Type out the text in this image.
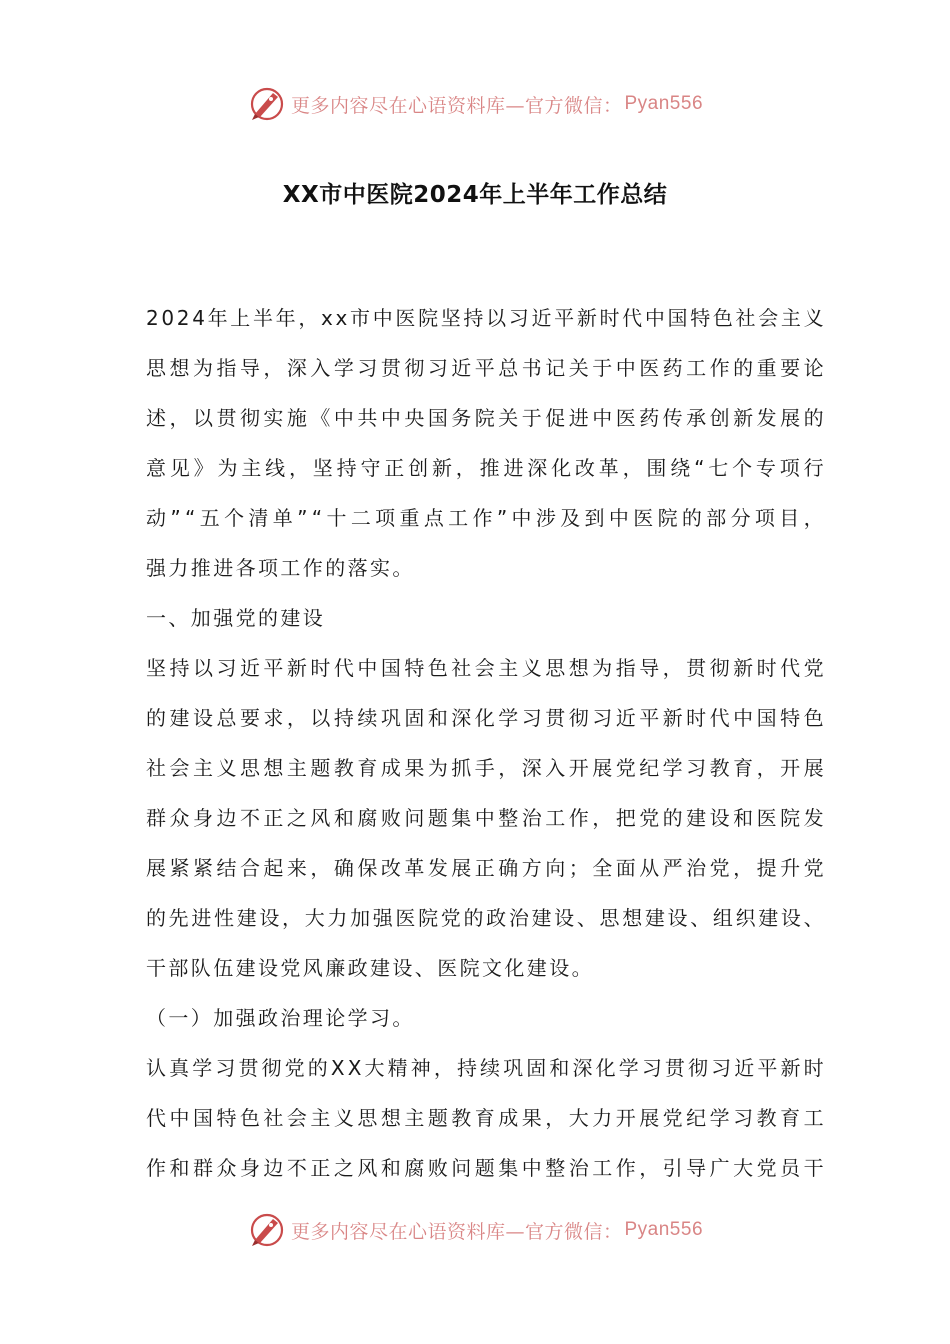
更多内容尽在心语资料库—官方微信： Pyan556
XX市中医院2024年上半年工作总结
2024年上半年，xx市中医院坚持以习近平新时代中国特色社会主义
思想为指导，深入学习贯彻习近平总书记关于中医药工作的重要论
述，以贯彻实施《中共中央国务院关于促进中医药传承创新发展的
意见》为主线，坚持守正创新，推进深化改革，围绕“七个专项行
动”“五个清单”“十二项重点工作”中涉及到中医院的部分项目，
强力推进各项工作的落实。
一、加强党的建设
坚持以习近平新时代中国特色社会主义思想为指导，贯彻新时代党
的建设总要求，以持续巩固和深化学习贯彻习近平新时代中国特色
社会主义思想主题教育成果为抓手，深入开展党纪学习教育，开展
群众身边不正之风和腐败问题集中整治工作，把党的建设和医院发
展紧紧结合起来，确保改革发展正确方向；全面从严治党，提升党
的先进性建设，大力加强医院党的政治建设、思想建设、组织建设、
干部队伍建设党风廉政建设、医院文化建设。
（一）加强政治理论学习。
认真学习贯彻党的XX大精神，持续巩固和深化学习贯彻习近平新时
代中国特色社会主义思想主题教育成果，大力开展党纪学习教育工
作和群众身边不正之风和腐败问题集中整治工作，引导广大党员干
更多内容尽在心语资料库—官方微信： Pyan556
